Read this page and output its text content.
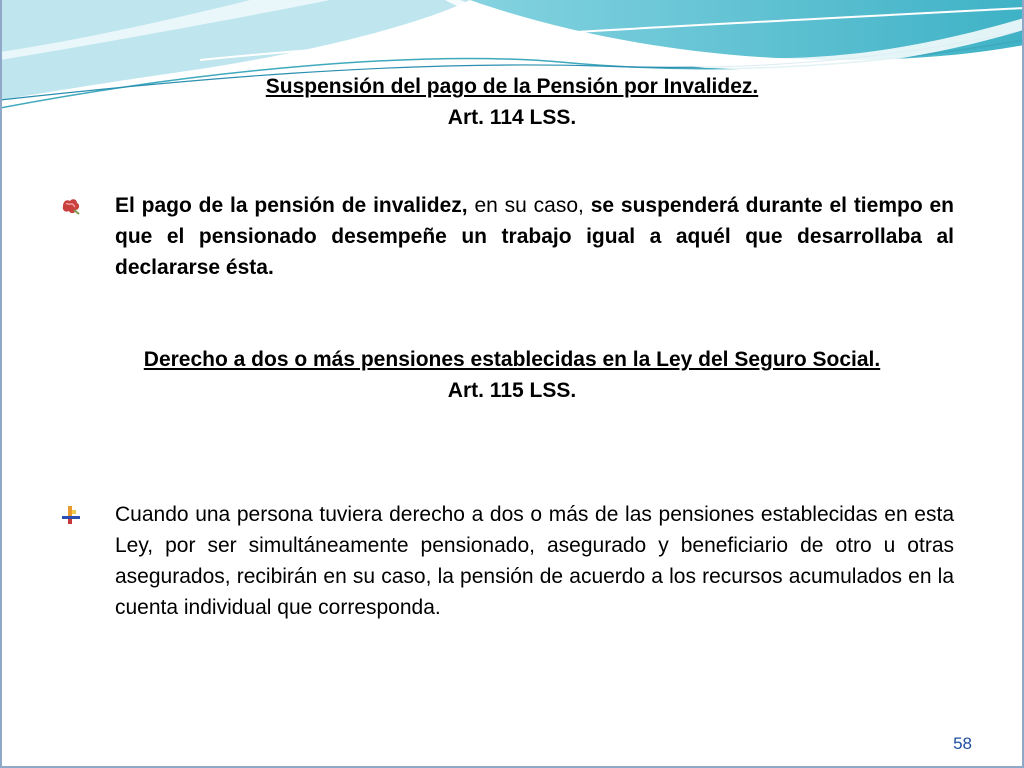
Suspensión del pago de la Pensión por Invalidez.
Art. 114 LSS.
El pago de la pensión de invalidez, en su caso, se suspenderá durante el tiempo en que el pensionado desempeñe un trabajo igual a aquél que desarrollaba al declararse ésta.
Derecho a dos o más pensiones establecidas en la Ley del Seguro Social.
Art. 115 LSS.
Cuando una persona tuviera derecho a dos o más de las pensiones establecidas en esta Ley, por ser simultáneamente pensionado, asegurado y beneficiario de otro u otras asegurados, recibirán en su caso, la pensión de acuerdo a los recursos acumulados en la cuenta individual que corresponda.
58
